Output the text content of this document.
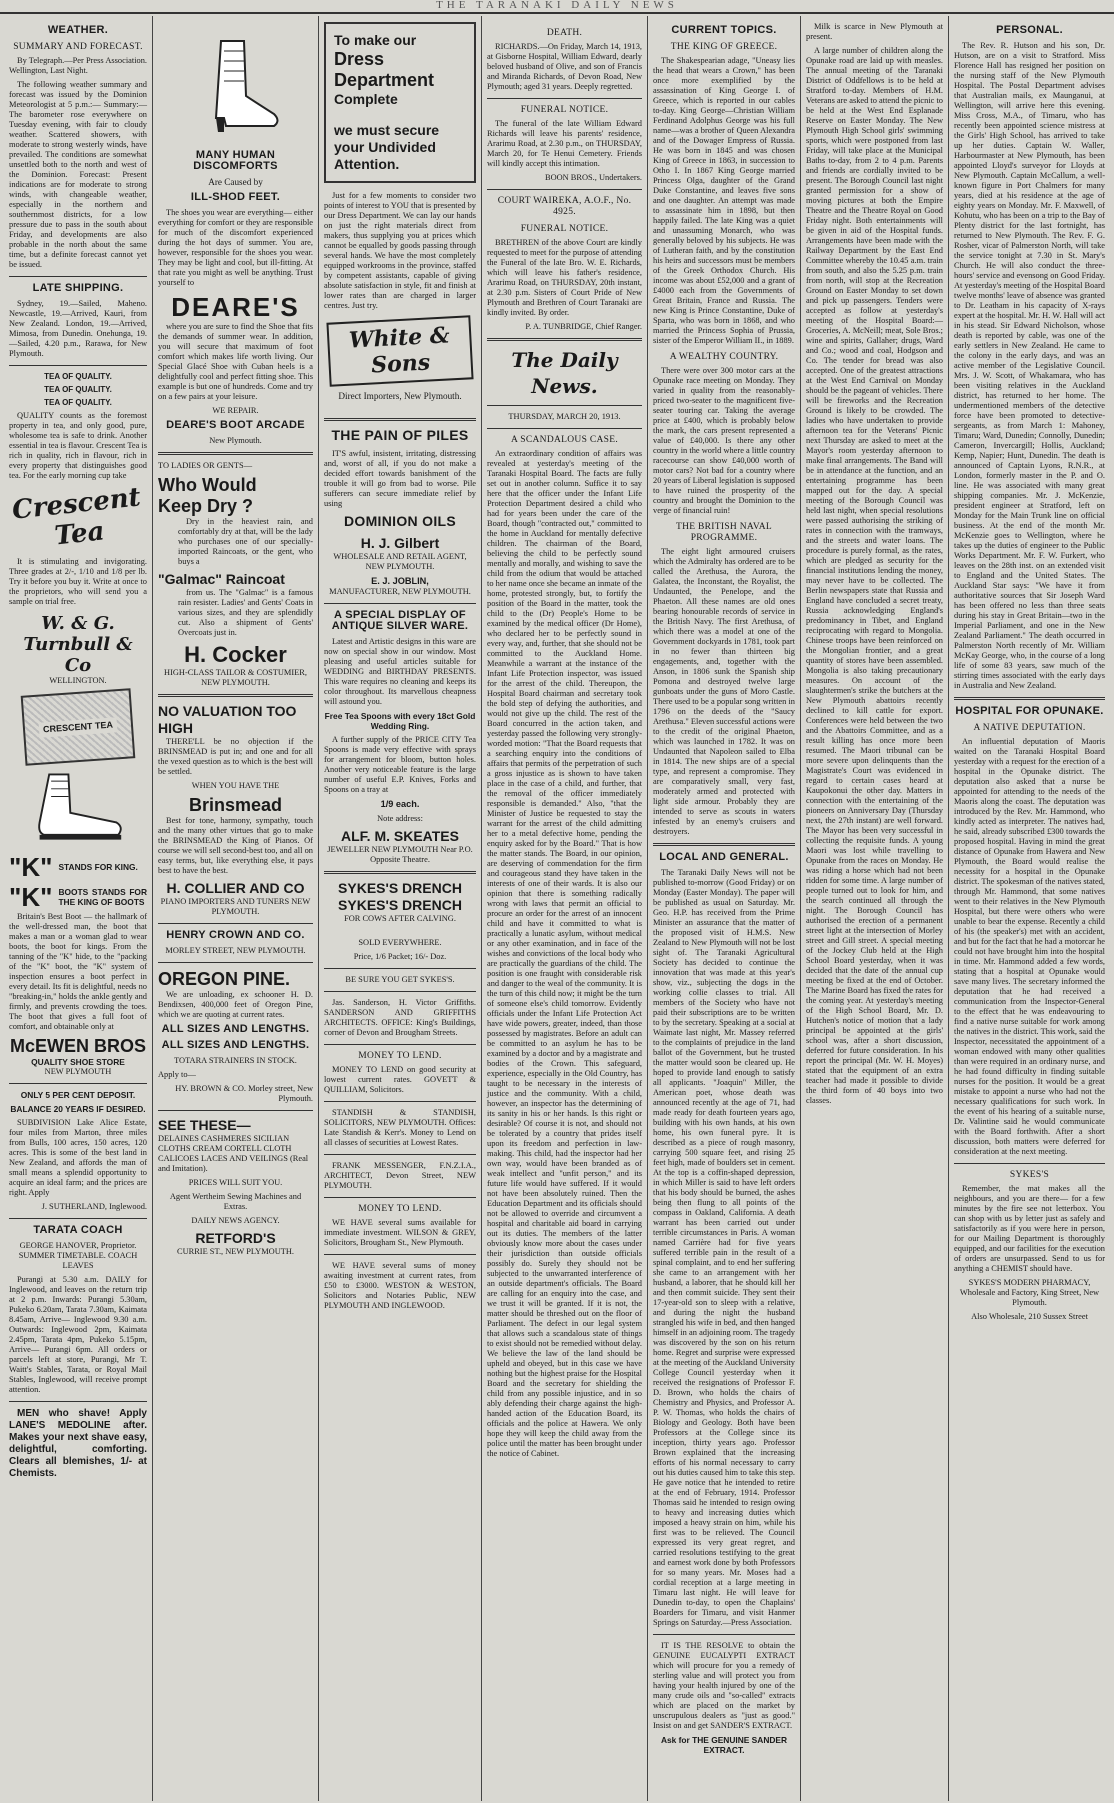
THE TARANAKI DAILY NEWS
WEATHER.
SUMMARY AND FORECAST.

By Telegraph.—Per Press Association. Wellington, Last Night.

The following weather summary and forecast was issued by the Dominion Meteorologist at 5 p.m.:— Summary:— The barometer rose everywhere on Tuesday evening, with fair to cloudy weather. Scattered showers, with moderate to strong westerly winds, have prevailed. The conditions are somewhat unsettled both to the north and west of the Dominion. Forecast: Present indications are for moderate to strong winds, with changeable weather, especially in the northern and southernmost districts, for a low pressure due to pass in the south about Friday, and developments are also probable in the north about the same time, but a definite forecast cannot yet be issued.

LATE SHIPPING.

Sydney, 19.—Sailed, Maheno. Newcastle, 19.—Arrived, Kauri, from New Zealand. London, 19.—Arrived, Mimosa, from Dunedin. Onehunga, 19.—Sailed, 4.20 p.m., Rarawa, for New Plymouth.

TEA OF QUALITY.

TEA OF QUALITY.

TEA OF QUALITY.

QUALITY counts as the foremost property in tea, and only good, pure, wholesome tea is safe to drink. Another essential in tea is flavour. Crescent Tea is rich in quality, rich in flavour, rich in every property that distinguishes good tea. For the early morning cup take

Crescent Tea

It is stimulating and invigorating. Three grades at 2/-, 1/10 and 1/8 per lb. Try it before you buy it. Write at once to the proprietors, who will send you a sample on trial free.

W. & G. Turnbull & Co

WELLINGTON.

CRESCENT TEA
"K" STANDS FOR KING.
"K" BOOTS STANDS FOR THE KING OF BOOTS

Britain's Best Boot — the hallmark of the well-dressed man, the boot that makes a man or a woman glad to wear boots, the boot for kings. From the tanning of the "K" hide, to the "packing of the "K" boot, the "K" system of inspection ensures a boot perfect in every detail. Its fit is delightful, needs no "breaking-in," holds the ankle gently and firmly, and prevents crowding the toes. The boot that gives a full foot of comfort, and obtainable only at

McEWEN BROS
QUALITY SHOE STORE
NEW PLYMOUTH

ONLY 5 PER CENT DEPOSIT.

BALANCE 20 YEARS IF DESIRED.

SUBDIVISION Lake Alice Estate, four miles from Marton, three miles from Bulls, 100 acres, 150 acres, 120 acres. This is some of the best land in New Zealand, and affords the man of small means a splendid opportunity to acquire an ideal farm; and the prices are right. Apply

J. SUTHERLAND, Inglewood.

TARATA COACH

GEORGE HANOVER, Proprietor. SUMMER TIMETABLE. COACH LEAVES

Purangi at 5.30 a.m. DAILY for Inglewood, and leaves on the return trip at 2 p.m. Inwards: Purangi 5.30am, Pukeko 6.20am, Tarata 7.30am, Kaimata 8.45am, Arrive— Inglewood 9.30 a.m. Outwards: Inglewood 2pm, Kaimata 2.45pm, Tarata 4pm, Pukeko 5.15pm, Arrive— Purangi 6pm. All orders or parcels left at store, Purangi, Mr T. Waitt's Stables, Tarata, or Royal Mail Stables, Inglewood, will receive prompt attention.

MEN who shave! Apply LANE'S MEDOLINE after. Makes your next shave easy, delightful, comforting. Clears all blemishes, 1/- at Chemists.

MANY HUMAN DISCOMFORTS

Are Caused by

ILL-SHOD FEET.

The shoes you wear are everything— either everything for comfort or they are responsible for much of the discomfort experienced during the hot days of summer. You are, however, responsible for the shoes you wear. They may be light and cool, but ill-fitting. At that rate you might as well be anything. Trust yourself to

DEARE'S

where you are sure to find the Shoe that fits the demands of summer wear. In addition, you will secure that maximum of foot comfort which makes life worth living. Our Special Glacé Shoe with Cuban heels is a delightfully cool and perfect fitting shoe. This example is but one of hundreds. Come and try on a few pairs at your leisure.

WE REPAIR.

DEARE'S BOOT ARCADE

New Plymouth.

TO LADIES OR GENTS—

Who Would
Keep Dry ?

Dry in the heaviest rain, and comfortably dry at that, will be the lady who purchases one of our specially-imported Raincoats, or the gent, who buys a

"Galmac" Raincoat

from us. The "Galmac" is a famous rain resister. Ladies' and Gents' Coats in various sizes, and they are splendidly cut. Also a shipment of Gents' Overcoats just in.

H. Cocker

HIGH-CLASS TAILOR & COSTUMIER, NEW PLYMOUTH.

NO VALUATION TOO HIGH

THERE'LL be no objection if the BRINSMEAD is put in; and one and for all the vexed question as to which is the best will be settled.

WHEN YOU HAVE THE

Brinsmead

Best for tone, harmony, sympathy, touch and the many other virtues that go to make the BRINSMEAD the King of Pianos. Of course we will sell second-best too, and all on easy terms, but, like everything else, it pays best to have the best.

H. COLLIER AND CO

PIANO IMPORTERS AND TUNERS NEW PLYMOUTH.

HENRY CROWN AND CO.

MORLEY STREET, NEW PLYMOUTH.

OREGON PINE.

We are unloading, ex schooner H. D. Bendixsen, 400,000 feet of Oregon Pine, which we are quoting at current rates.

ALL SIZES AND LENGTHS.
ALL SIZES AND LENGTHS.

TOTARA STRAINERS IN STOCK.

Apply to—

HY. BROWN & CO. Morley street, New Plymouth.

SEE THESE—

DELAINES CASHMERES SICILIAN CLOTHS CREAM CORTELL CLOTH CALICOES LACES AND VEILINGS (Real and Imitation).

PRICES WILL SUIT YOU.

Agent Wertheim Sewing Machines and Extras.

DAILY NEWS AGENCY.

RETFORD'S

CURRIE ST., NEW PLYMOUTH.

To make our
Dress
Department
Complete
we must secure
your Undivided
Attention.

Just for a few moments to consider two points of interest to YOU that is presented by our Dress Department. We can lay our hands on just the right materials direct from makers, thus supplying you at prices which cannot be equalled by goods passing through several hands. We have the most completely equipped workrooms in the province, staffed by competent assistants, capable of giving absolute satisfaction in style, fit and finish at lower rates than are charged in larger centres. Just try.

White & Sons

Direct Importers, New Plymouth.

THE PAIN OF PILES

IT'S awful, insistent, irritating, distressing and, worst of all, if you do not make a decided effort towards banishment of the trouble it will go from bad to worse. Pile sufferers can secure immediate relief by using

DOMINION OILS
H. J. Gilbert

WHOLESALE AND RETAIL AGENT, NEW PLYMOUTH.

E. J. JOBLIN,

MANUFACTURER, NEW PLYMOUTH.

A SPECIAL DISPLAY OF ANTIQUE SILVER WARE.

Latest and Artistic designs in this ware are now on special show in our window. Most pleasing and useful articles suitable for WEDDING and BIRTHDAY PRESENTS. This ware requires no cleaning and keeps its color throughout. Its marvellous cheapness will astound you.

Free Tea Spoons with every 18ct Gold Wedding Ring.

A further supply of the PRICE CITY Tea Spoons is made very effective with sprays for arrangement for bloom, button holes. Another very noticeable feature is the large number of useful E.P. Knives, Forks and Spoons on a tray at

1/9 each.

Note address:

ALF. M. SKEATES

JEWELLER NEW PLYMOUTH Near P.O. Opposite Theatre.

SYKES'S DRENCH
SYKES'S DRENCH

FOR COWS AFTER CALVING.

SOLD EVERYWHERE.

Price, 1/6 Packet; 16/- Doz.

BE SURE YOU GET SYKES'S.

Jas. Sanderson, H. Victor Griffiths. SANDERSON AND GRIFFITHS ARCHITECTS. OFFICE: King's Buildings, corner of Devon and Brougham Streets.

MONEY TO LEND.

MONEY TO LEND on good security at lowest current rates. GOVETT & QUILLIAM, Solicitors.

STANDISH & STANDISH, SOLICITORS, NEW PLYMOUTH. Offices: Late Standish & Kerr's. Money to Lend on all classes of securities at Lowest Rates.

FRANK MESSENGER, F.N.Z.I.A., ARCHITECT, Devon Street, NEW PLYMOUTH.

MONEY TO LEND.

WE HAVE several sums available for immediate investment. WILSON & GREY, Solicitors, Brougham St., New Plymouth.

WE HAVE several sums of money awaiting investment at current rates, from £50 to £3000. WESTON & WESTON, Solicitors and Notaries Public, NEW PLYMOUTH AND INGLEWOOD.

DEATH.

RICHARDS.—On Friday, March 14, 1913, at Gisborne Hospital, William Edward, dearly beloved husband of Olive, and son of Francis and Miranda Richards, of Devon Road, New Plymouth; aged 31 years. Deeply regretted.

FUNERAL NOTICE.

The funeral of the late William Edward Richards will leave his parents' residence, Ararimu Road, at 2.30 p.m., on THURSDAY, March 20, for Te Henui Cemetery. Friends will kindly accept this intimation.

BOON BROS., Undertakers.

COURT WAIREKA, A.O.F., No. 4925.
FUNERAL NOTICE.

BRETHREN of the above Court are kindly requested to meet for the purpose of attending the Funeral of the late Bro. W. E. Richards, which will leave his father's residence, Ararimu Road, on THURSDAY, 20th instant, at 2.30 p.m. Sisters of Court Pride of New Plymouth and Brethren of Court Taranaki are kindly invited. By order.

P. A. TUNBRIDGE, Chief Ranger.

The Daily News.

THURSDAY, MARCH 20, 1913.

A SCANDALOUS CASE.

An extraordinary condition of affairs was revealed at yesterday's meeting of the Taranaki Hospital Board. The facts are fully set out in another column. Suffice it to say here that the officer under the Infant Life Protection Department desired a child who had for years been under the care of the Board, though "contracted out," committed to the home in Auckland for mentally defective children. The chairman of the Board, believing the child to be perfectly sound mentally and morally, and wishing to save the child from the odium that would be attached to her name once she became an inmate of the home, protested strongly, but, to fortify the position of the Board in the matter, took the child to the (Dr) People's Home to be examined by the medical officer (Dr Home), who declared her to be perfectly sound in every way, and, further, that she should not be committed to the Auckland Home. Meanwhile a warrant at the instance of the Infant Life Protection inspector, was issued for the arrest of the child. Thereupon, the Hospital Board chairman and secretary took the bold step of defying the authorities, and would not give up the child. The rest of the Board concurred in the action taken, and yesterday passed the following very strongly-worded motion: "That the Board requests that a searching enquiry into the conditions of affairs that permits of the perpetration of such a gross injustice as is shown to have taken place in the case of a child, and further, that the removal of the officer immediately responsible is demanded." Also, "that the Minister of Justice be requested to stay the warrant for the arrest of the child admitting her to a metal defective home, pending the enquiry asked for by the Board." That is how the matter stands. The Board, in our opinion, are deserving of commendation for the firm and courageous stand they have taken in the interests of one of their wards. It is also our opinion that there is something radically wrong with laws that permit an official to procure an order for the arrest of an innocent child and have it committed to what is practically a lunatic asylum, without medical or any other examination, and in face of the wishes and convictions of the local body who are practically the guardians of the child. The position is one fraught with considerable risk and danger to the weal of the community. It is the turn of this child now; it might be the turn of someone else's child tomorrow. Evidently officials under the Infant Life Protection Act have wide powers, greater, indeed, than those possessed by magistrates. Before an adult can be committed to an asylum he has to be examined by a doctor and by a magistrate and bodies of the Crown. This safeguard, experience, especially in the Old Country, has taught to be necessary in the interests of justice and the community. With a child, however, an inspector has the determining of its sanity in his or her hands. Is this right or desirable? Of course it is not, and should not be tolerated by a country that prides itself upon its freedom and perfection in law-making. This child, had the inspector had her own way, would have been branded as of weak intellect and "unfit person," and its future life would have suffered. If it would not have been absolutely ruined. Then the Education Department and its officials should not be allowed to override and circumvent a hospital and charitable aid board in carrying out its duties. The members of the latter obviously know more about the cases under their jurisdiction than outside officials possibly do. Surely they should not be subjected to the unwarranted interference of an outside department's officials. The Board are calling for an enquiry into the case, and we trust it will be granted. If it is not, the matter should be threshed out on the floor of Parliament. The defect in our legal system that allows such a scandalous state of things to exist should not be remedied without delay. We believe the law of the land should be upheld and obeyed, but in this case we have nothing but the highest praise for the Hospital Board and the secretary for shielding the child from any possible injustice, and in so ably defending their charge against the high-handed action of the Education Board, its officials and the police at Hawera. We only hope they will keep the child away from the police until the matter has been brought under the notice of Cabinet.

CURRENT TOPICS.
THE KING OF GREECE.

The Shakespearian adage, "Uneasy lies the head that wears a Crown," has been once more exemplified by the assassination of King George I. of Greece, which is reported in our cables to-day. King George—Christian William Ferdinand Adolphus George was his full name—was a brother of Queen Alexandra and of the Dowager Empress of Russia. He was born in 1845 and was chosen King of Greece in 1863, in succession to Otho I. In 1867 King George married Princess Olga, daughter of the Grand Duke Constantine, and leaves five sons and one daughter. An attempt was made to assassinate him in 1898, but then happily failed. The late King was a quiet and unassuming Monarch, who was generally beloved by his subjects. He was of Lutheran faith, and by the constitution his heirs and successors must be members of the Greek Orthodox Church. His income was about £52,000 and a grant of £4000 each from the Governments of Great Britain, France and Russia. The new King is Prince Constantine, Duke of Sparta, who was born in 1868, and who married the Princess Sophia of Prussia, sister of the Emperor William II., in 1889.

A WEALTHY COUNTRY.

There were over 300 motor cars at the Opunake race meeting on Monday. They varied in quality from the reasonably-priced two-seater to the magnificent five-seater touring car. Taking the average price at £400, which is probably below the mark, the cars present represented a value of £40,000. Is there any other country in the world where a little country racecourse can show £40,000 worth of motor cars? Not bad for a country where 20 years of Liberal legislation is supposed to have ruined the prosperity of the country and brought the Dominion to the verge of financial ruin!

THE BRITISH NAVAL PROGRAMME.

The eight light armoured cruisers which the Admiralty has ordered are to be called the Arethusa, the Aurora, the Galatea, the Inconstant, the Royalist, the Undaunted, the Penelope, and the Phaeton. All these names are old ones bearing honourable records of service in the British Navy. The first Arethusa, of which there was a model at one of the Government dockyards in 1781, took part in no fewer than thirteen big engagements, and, together with the Anson, in 1806 sunk the Spanish ship Pomona and destroyed twelve large gunboats under the guns of Moro Castle. There used to be a popular song written in 1796 on the deeds of the "Saucy Arethusa." Eleven successful actions were to the credit of the original Phaeton, which was launched in 1782. It was on Undaunted that Napoleon sailed to Elba in 1814. The new ships are of a special type, and represent a compromise. They are comparatively small, very fast, moderately armed and protected with light side armour. Probably they are intended to serve as scouts in waters infested by an enemy's cruisers and destroyers.

LOCAL AND GENERAL.

The Taranaki Daily News will not be published to-morrow (Good Friday) or on Monday (Easter Monday). The paper will be published as usual on Saturday. Mr. Geo. H.P. has received from the Prime Minister an assurance that the matter of the proposed visit of H.M.S. New Zealand to New Plymouth will not be lost sight of. The Taranaki Agricultural Society has decided to continue the innovation that was made at this year's show, viz., subjecting the dogs in the working collie classes to trial. All members of the Society who have not paid their subscriptions are to be written to by the secretary. Speaking at a social at Waimate last night, Mr. Massey referred to the complaints of prejudice in the land ballot of the Government, but he trusted the matter would soon be cleared up. He hoped to provide land enough to satisfy all applicants. "Joaquin" Miller, the American poet, whose death was announced recently at the age of 71, had made ready for death fourteen years ago, building with his own hands, at his own home, his own funeral pyre. It is described as a piece of rough masonry, carrying 500 square feet, and rising 25 feet high, made of boulders set in cement. At the top is a coffin-shaped depression, in which Miller is said to have left orders that his body should be burned, the ashes being then flung to all points of the compass in Oakland, California. A death warrant has been carried out under terrible circumstances in Paris. A woman named Carrière had for five years suffered terrible pain in the result of a spinal complaint, and to end her suffering she came to an arrangement with her husband, a laborer, that he should kill her and then commit suicide. They sent their 17-year-old son to sleep with a relative, and during the night the husband strangled his wife in bed, and then hanged himself in an adjoining room. The tragedy was discovered by the son on his return home. Regret and surprise were expressed at the meeting of the Auckland University College Council yesterday when it received the resignations of Professor F. D. Brown, who holds the chairs of Chemistry and Physics, and Professor A. P. W. Thomas, who holds the chairs of Biology and Geology. Both have been Professors at the College since its inception, thirty years ago. Professor Brown explained that the increasing efforts of his normal necessary to carry out his duties caused him to take this step. He gave notice that he intended to retire at the end of February, 1914. Professor Thomas said he intended to resign owing to heavy and increasing duties which imposed a heavy strain on him, while his first was to be relieved. The Council expressed its very great regret, and carried resolutions testifying to the great and earnest work done by both Professors for so many years. Mr. Moses had a cordial reception at a large meeting in Timaru last night. He will leave for Dunedin to-day, to open the Chaplains' Boarders for Timaru, and visit Hanmer Springs on Saturday.—Press Association.

IT IS THE RESOLVE to obtain the GENUINE EUCALYPTI EXTRACT which will procure for you a remedy of sterling value and will protect you from having your health injured by one of the many crude oils and "so-called" extracts which are placed on the market by unscrupulous dealers as "just as good." Insist on and get SANDER'S EXTRACT.

Ask for THE GENUINE SANDER EXTRACT.

Milk is scarce in New Plymouth at present.

A large number of children along the Opunake road are laid up with measles. The annual meeting of the Taranaki District of Oddfellows is to be held at Stratford to-day. Members of H.M. Veterans are asked to attend the picnic to be held at the West End Esplanade Reserve on Easter Monday. The New Plymouth High School girls' swimming sports, which were postponed from last Friday, will take place at the Municipal Baths to-day, from 2 to 4 p.m. Parents and friends are cordially invited to be present. The Borough Council last night granted permission for a show of moving pictures at both the Empire Theatre and the Theatre Royal on Good Friday night. Both entertainments will be given in aid of the Hospital funds. Arrangements have been made with the Railway Department by the East End Committee whereby the 10.45 a.m. train from south, and also the 5.25 p.m. train from north, will stop at the Recreation Ground on Easter Monday to set down and pick up passengers. Tenders were accepted as follow at yesterday's meeting of the Hospital Board:—Groceries, A. McNeill; meat, Sole Bros.; wine and spirits, Gallaher; drugs, Ward and Co.; wood and coal, Hodgson and Co. The tender for bread was also accepted. One of the greatest attractions at the West End Carnival on Monday should be the pageant of vehicles. There will be fireworks and the Recreation Ground is likely to be crowded. The ladies who have undertaken to provide afternoon tea for the Veterans' Picnic next Thursday are asked to meet at the Mayor's room yesterday afternoon to make final arrangements. The Band will be in attendance at the function, and an entertaining programme has been mapped out for the day. A special meeting of the Borough Council was held last night, when special resolutions were passed authorising the striking of rates in connection with the tramways, and the streets and water loans. The procedure is purely formal, as the rates, which are pledged as security for the financial institutions lending the money, may never have to be collected. The Berlin newspapers state that Russia and England have concluded a secret treaty, Russia acknowledging England's predominancy in Tibet, and England reciprocating with regard to Mongolia. Chinese troops have been reinforced on the Mongolian frontier, and a great quantity of stores have been assembled. Mongolia is also taking precautionary measures. On account of the slaughtermen's strike the butchers at the New Plymouth abattoirs recently declined to kill cattle for export. Conferences were held between the two and the Abattoirs Committee, and as a result killing has once more been resumed. The Maori tribunal can be more severe upon delinquents than the Magistrate's Court was evidenced in regard to certain cases heard at Kaupokonui the other day. Matters in connection with the entertaining of the pioneers on Anniversary Day (Thursday next, the 27th instant) are well forward. The Mayor has been very successful in collecting the requisite funds. A young Maori was lost while travelling to Opunake from the races on Monday. He was riding a horse which had not been ridden for some time. A large number of people turned out to look for him, and the search continued all through the night. The Borough Council has authorised the erection of a permanent street light at the intersection of Morley street and Gill street. A special meeting of the Jockey Club held at the High School Board yesterday, when it was decided that the date of the annual cup meeting be fixed at the end of October. The Marine Board has fixed the rates for the coming year. At yesterday's meeting of the High School Board, Mr. D. Hutchen's notice of motion that a lady principal be appointed at the girls' school was, after a short discussion, deferred for future consideration. In his report the principal (Mr. W. H. Moyes) stated that the equipment of an extra teacher had made it possible to divide the third form of 40 boys into two classes.

PERSONAL.

The Rev. R. Hutson and his son, Dr. Hutson, are on a visit to Stratford. Miss Florence Hall has resigned her position on the nursing staff of the New Plymouth Hospital. The Postal Department advises that Australian mails, ex Maunganui, at Wellington, will arrive here this evening. Miss Cross, M.A., of Timaru, who has recently been appointed science mistress at the Girls' High School, has arrived to take up her duties. Captain W. Waller, Harbourmaster at New Plymouth, has been appointed Lloyd's surveyor for Lloyds at New Plymouth. Captain McCallum, a well-known figure in Port Chalmers for many years, died at his residence at the age of eighty years on Monday. Mr. F. Maxwell, of Kohutu, who has been on a trip to the Bay of Plenty district for the last fortnight, has returned to New Plymouth. The Rev. F. G. Rosher, vicar of Palmerston North, will take the service tonight at 7.30 in St. Mary's Church. He will also conduct the three-hours' service and evensong on Good Friday. At yesterday's meeting of the Hospital Board twelve months' leave of absence was granted to Dr. Leatham in his capacity of X-rays expert at the hospital. Mr. H. W. Hall will act in his stead. Sir Edward Nicholson, whose death is reported by cable, was one of the early settlers in New Zealand. He came to the colony in the early days, and was an active member of the Legislative Council. Mrs. J. W. Scott, of Whakamara, who has been visiting relatives in the Auckland district, has returned to her home. The undermentioned members of the detective force have been promoted to detective-sergeants, as from March 1: Mahoney, Timaru; Ward, Dunedin; Connolly, Dunedin; Cameron, Invercargill; Hollis, Auckland; Kemp, Napier; Hunt, Dunedin. The death is announced of Captain Lyons, R.N.R., at London, formerly master in the P. and O. line. He was associated with many great shipping companies. Mr. J. McKenzie, president engineer at Stratford, left on Monday for the Main Trunk line on official business. At the end of the month Mr. McKenzie goes to Wellington, where he takes up the duties of engineer to the Public Works Department. Mr. F. W. Furkert, who leaves on the 28th inst. on an extended visit to England and the United States. The Auckland Star says: "We have it from authoritative sources that Sir Joseph Ward has been offered no less than three seats during his stay in Great Britain—two in the Imperial Parliament, and one in the New Zealand Parliament." The death occurred in Palmerston North recently of Mr. William McKay George, who, in the course of a long life of some 83 years, saw much of the stirring times associated with the early days in Australia and New Zealand.

HOSPITAL FOR OPUNAKE.
A NATIVE DEPUTATION.

An influential deputation of Maoris waited on the Taranaki Hospital Board yesterday with a request for the erection of a hospital in the Opunake district. The deputation also asked that a nurse be appointed for attending to the needs of the Maoris along the coast. The deputation was introduced by the Rev. Mr. Hammond, who kindly acted as interpreter. The natives had, he said, already subscribed £300 towards the proposed hospital. Having in mind the great distance of Opunake from Hawera and New Plymouth, the Board would realise the necessity for a hospital in the Opunake district. The spokesman of the natives stated, through Mr. Hammond, that some natives went to their relatives in the New Plymouth Hospital, but there were others who were unable to bear the expense. Recently a child of his (the speaker's) met with an accident, and but for the fact that he had a motorcar he could not have brought him into the hospital in time. Mr. Hammond added a few words, stating that a hospital at Opunake would save many lives. The secretary informed the deputation that he had received a communication from the Inspector-General to the effect that he was endeavouring to find a native nurse suitable for work among the natives in the district. This work, said the Inspector, necessitated the appointment of a woman endowed with many other qualities than were required in an ordinary nurse, and he had found difficulty in finding suitable nurses for the position. It would be a great mistake to appoint a nurse who had not the necessary qualifications for such work. In the event of his hearing of a suitable nurse, Dr. Valintine said he would communicate with the Board forthwith. After a short discussion, both matters were deferred for consideration at the next meeting.

SYKES'S

Remember, the mat makes all the neighbours, and you are there— for a few minutes by the fire see not letterbox. You can shop with us by letter just as safely and satisfactorily as if you were here in person, for our Mailing Department is thoroughly equipped, and our facilities for the execution of orders are unsurpassed. Send to us for anything a CHEMIST should have.

SYKES'S MODERN PHARMACY, Wholesale and Factory, King Street, New Plymouth.

Also Wholesale, 210 Sussex Street
